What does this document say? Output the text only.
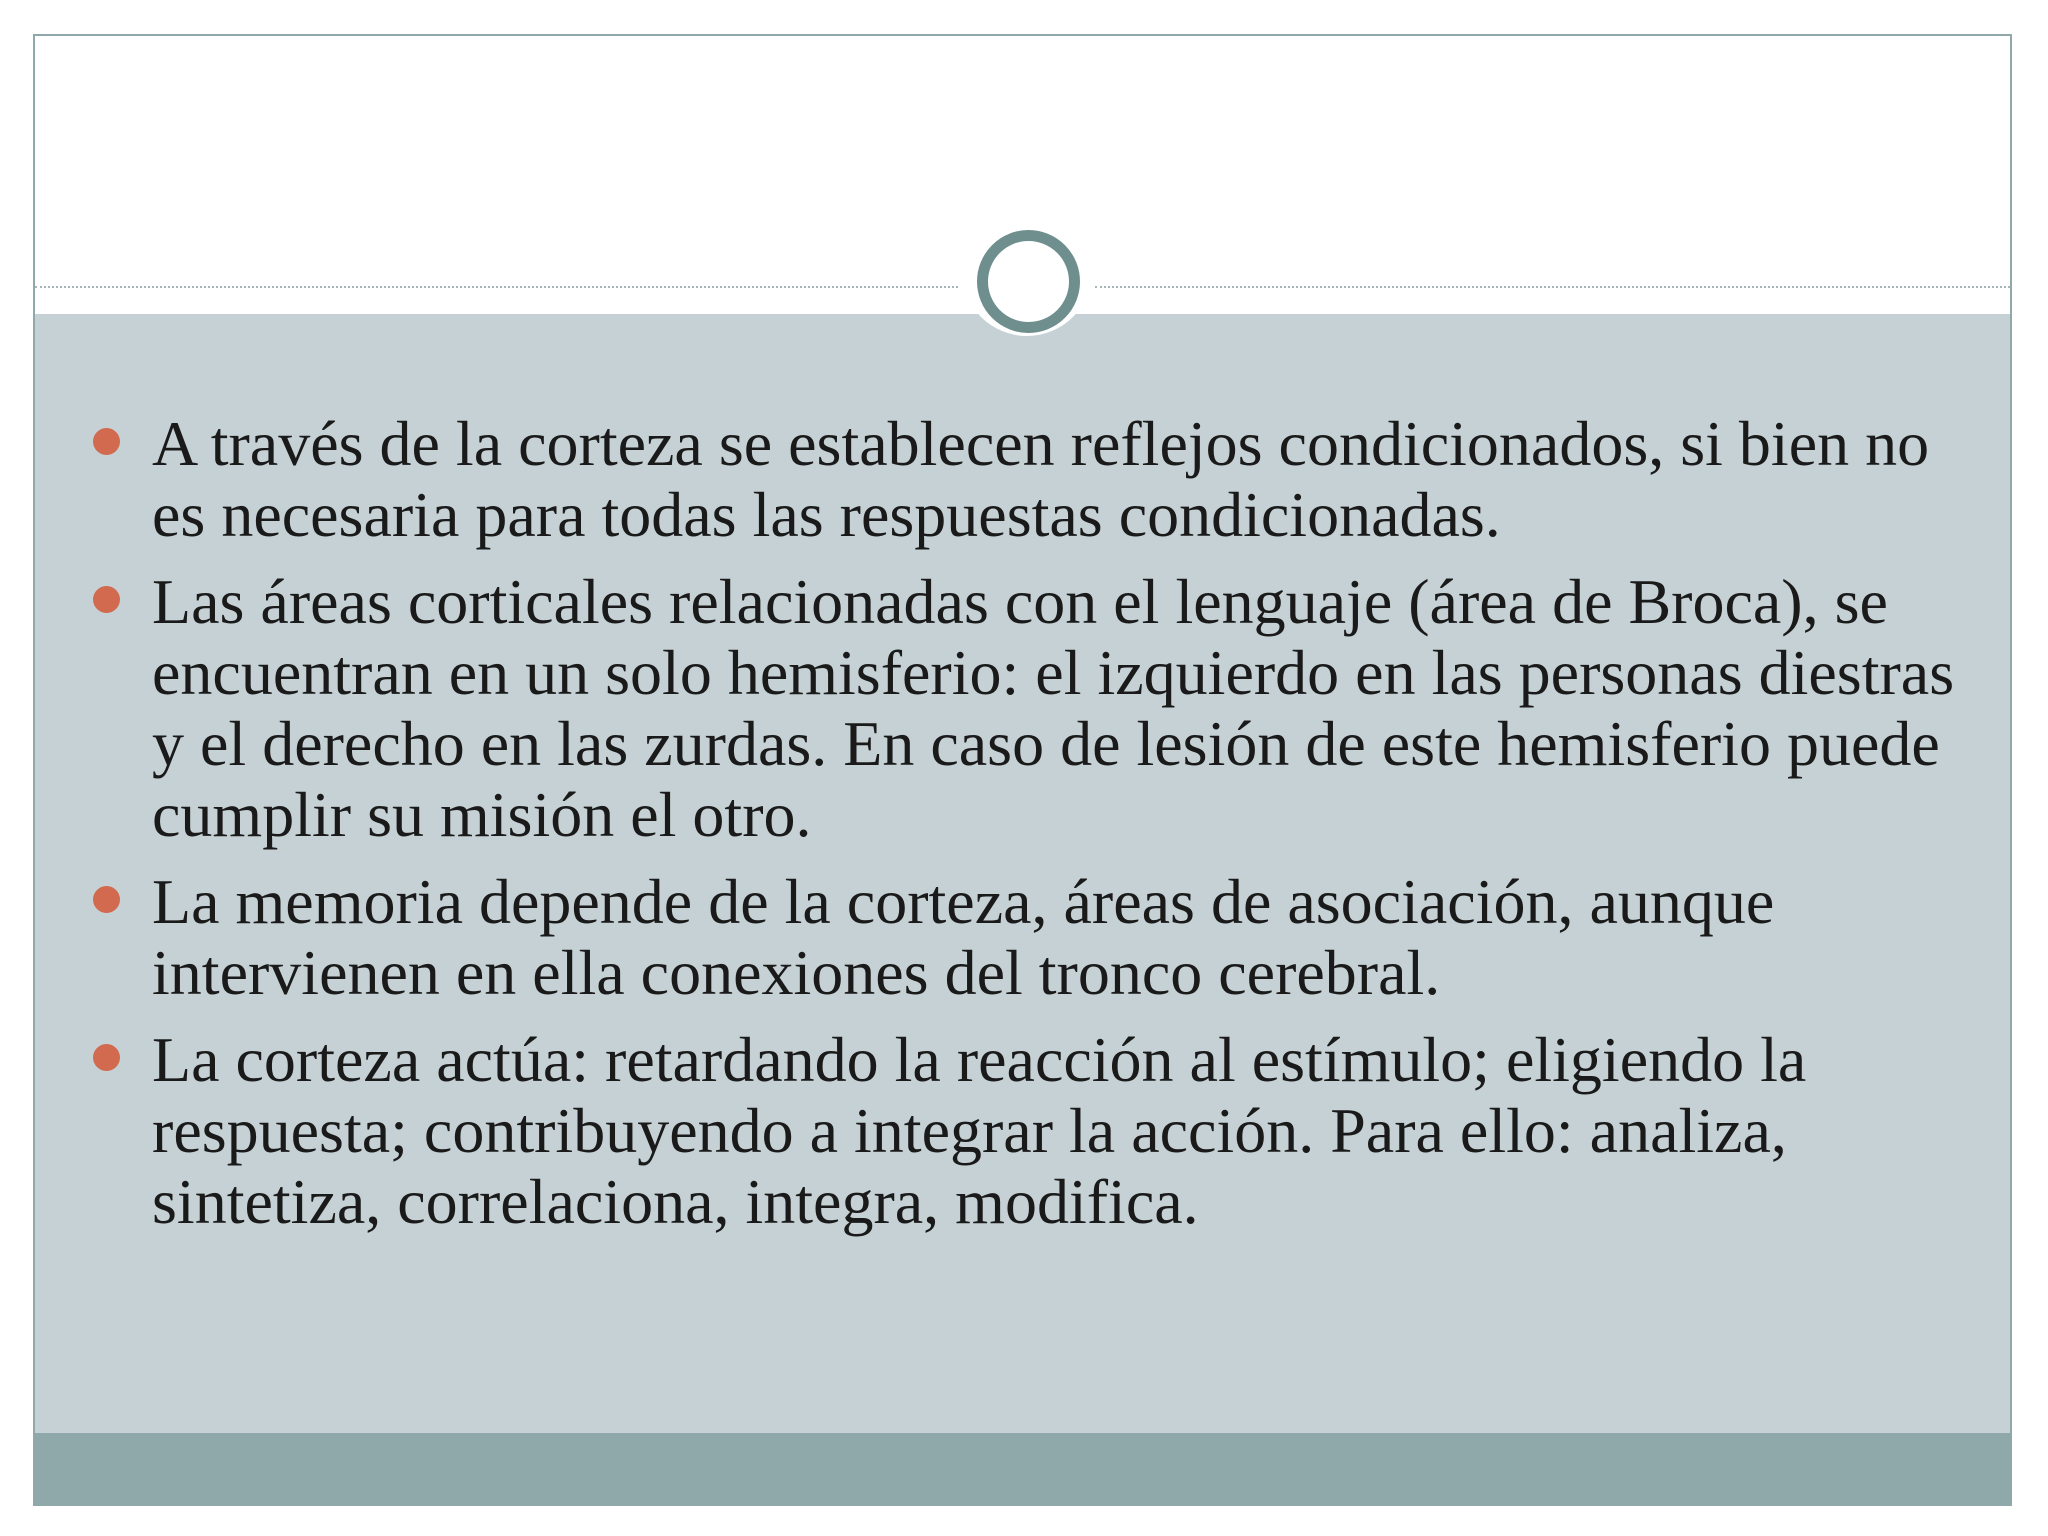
A través de la corteza se establecen reflejos condicionados, si bien no es necesaria para todas las respuestas condicionadas.
Las áreas corticales relacionadas con el lenguaje (área de Broca), se encuentran en un solo hemisferio: el izquierdo en las personas diestras y el derecho en las zurdas. En caso de lesión de este hemisferio puede cumplir su misión el otro.
La memoria depende de la corteza, áreas de asociación, aunque intervienen en ella conexiones del tronco cerebral.
La corteza actúa: retardando la reacción al estímulo; eligiendo la respuesta; contribuyendo a integrar la acción. Para ello: analiza, sintetiza, correlaciona, integra, modifica.
